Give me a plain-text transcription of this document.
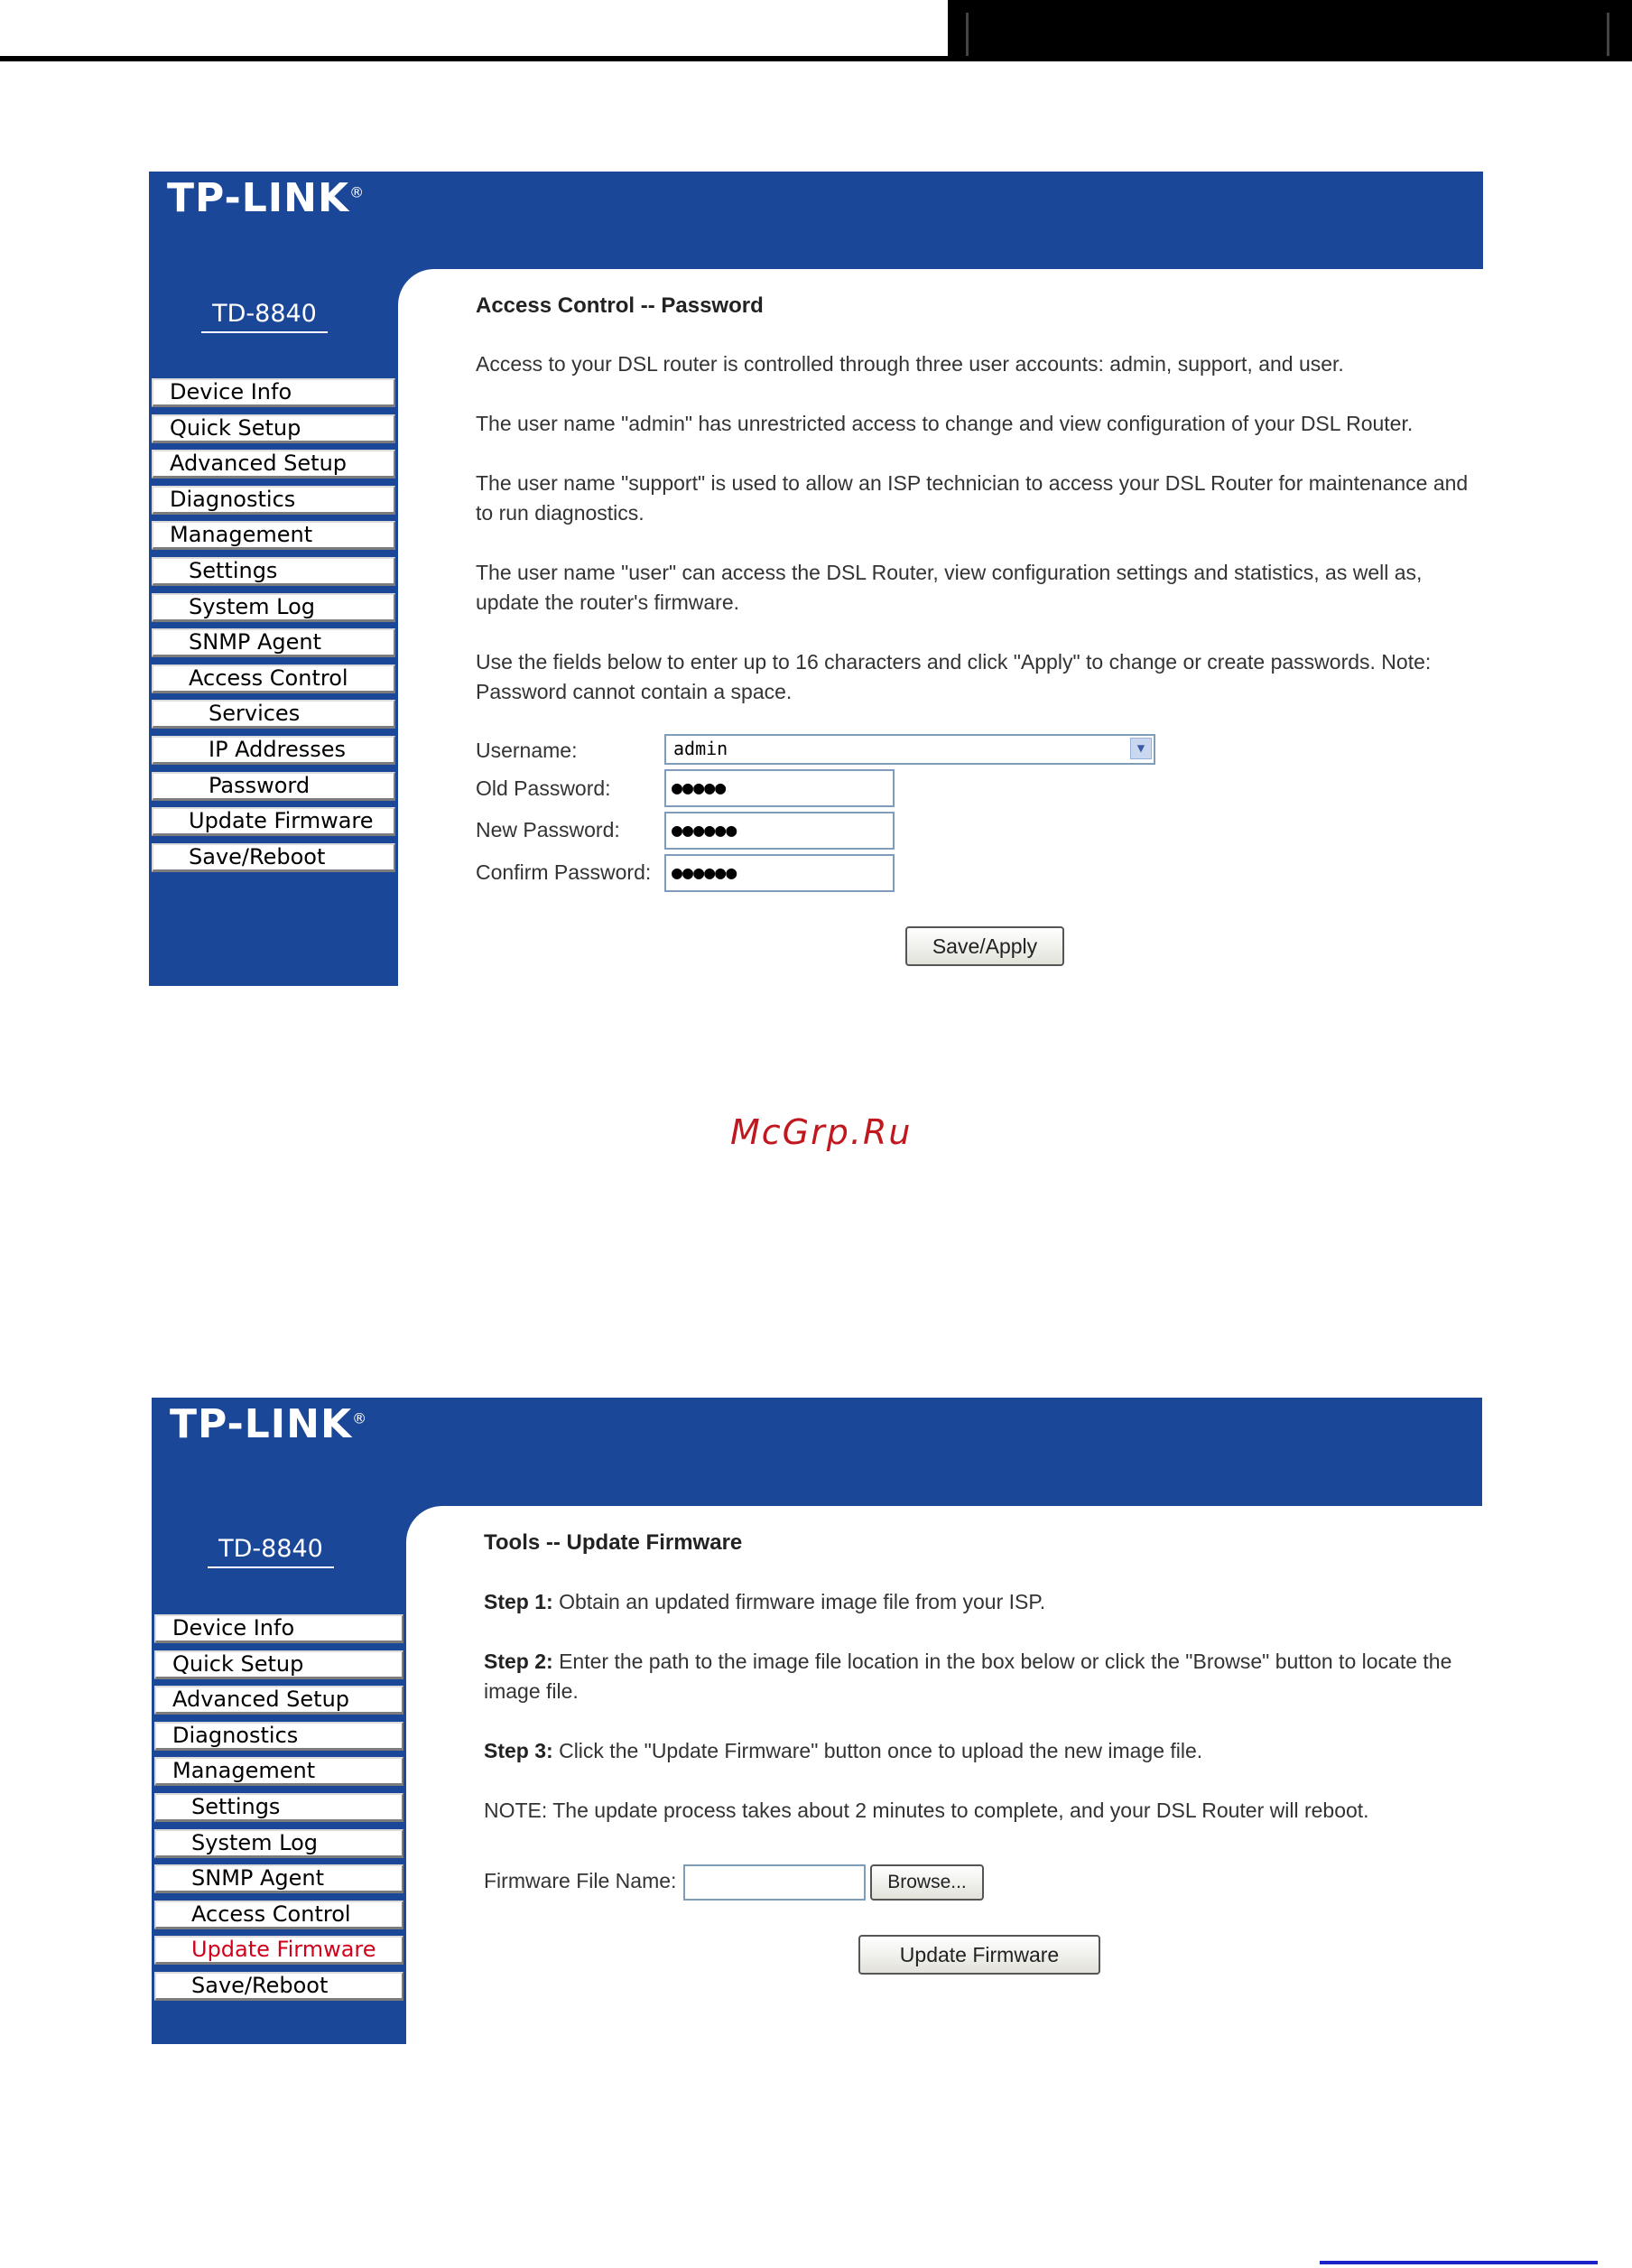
TP-LINK®
TD-8840
Device Info
Quick Setup
Advanced Setup
Diagnostics
Management
Settings
System Log
SNMP Agent
Access Control
Services
IP Addresses
Password
Update Firmware
Save/Reboot

Access Control -- Password

Access to your DSL router is controlled through three user accounts: admin, support, and user.

The user name "admin" has unrestricted access to change and view configuration of your DSL Router.

The user name "support" is used to allow an ISP technician to access your DSL Router for maintenance and to run diagnostics.

The user name "user" can access the DSL Router, view configuration settings and statistics, as well as, update the router's firmware.

Use the fields below to enter up to 16 characters and click "Apply" to change or create passwords. Note: Password cannot contain a space.

Username:	admin	▼
Old Password:	●●●●●
New Password:	●●●●●●
Confirm Password:	●●●●●●
Save/Apply
McGrp.Ru
TP-LINK®
TD-8840
Device Info
Quick Setup
Advanced Setup
Diagnostics
Management
Settings
System Log
SNMP Agent
Access Control
Update Firmware
Save/Reboot

Tools -- Update Firmware

Step 1: Obtain an updated firmware image file from your ISP.

Step 2: Enter the path to the image file location in the box below or click the "Browse" button to locate the image file.

Step 3: Click the "Update Firmware" button once to upload the new image file.

NOTE: The update process takes about 2 minutes to complete, and your DSL Router will reboot.

Firmware File Name:	Browse...
Update Firmware
